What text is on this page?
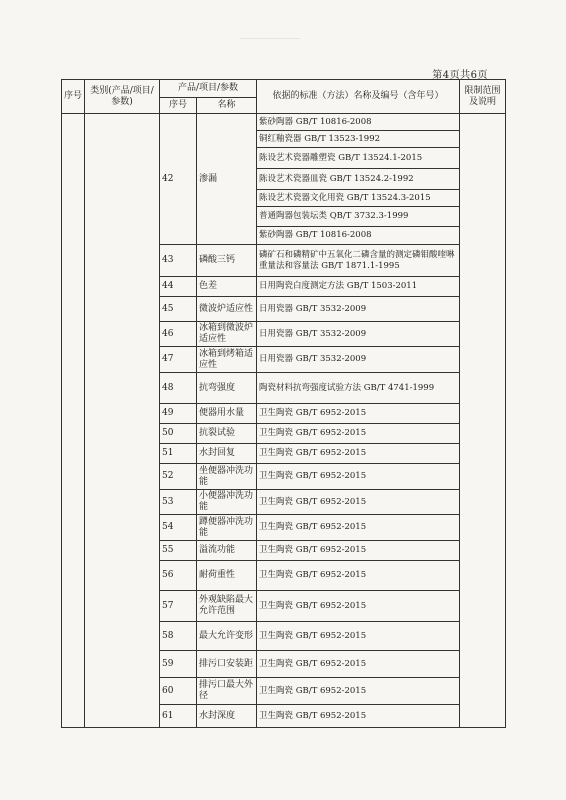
第4页共6页
序号	类别(产品/项目/参数)	产品/项目/参数		依据的标准（方法）名称及编号（含年号）	限制范围及说明
		序号	名称		
		42	渗漏	紫砂陶器 GB/T 10816-2008	
				铜红釉瓷器 GB/T 13523-1992	
				陈设艺术瓷器雕塑瓷 GB/T 13524.1-2015	
				陈设艺术瓷器皿瓷 GB/T 13524.2-1992	
				陈设艺术瓷器文化用瓷 GB/T 13524.3-2015	
				普通陶器包装坛类 QB/T 3732.3-1999	
				紫砂陶器 GB/T 10816-2008	
		43	磷酸三钙	磷矿石和磷精矿中五氧化二磷含量的测定磷钼酸喹啉重量法和容量法 GB/T 1871.1-1995	
		44	色差	日用陶瓷白度测定方法 GB/T 1503-2011	
		45	微波炉适应性	日用瓷器 GB/T 3532-2009	
		46	冰箱到微波炉适应性	日用瓷器 GB/T 3532-2009	
		47	冰箱到烤箱适应性	日用瓷器 GB/T 3532-2009	
		48	抗弯强度	陶瓷材料抗弯强度试验方法 GB/T 4741-1999	
		49	便器用水量	卫生陶瓷 GB/T 6952-2015	
		50	抗裂试验	卫生陶瓷 GB/T 6952-2015	
		51	水封回复	卫生陶瓷 GB/T 6952-2015	
		52	坐便器冲洗功能	卫生陶瓷 GB/T 6952-2015	
		53	小便器冲洗功能	卫生陶瓷 GB/T 6952-2015	
		54	蹲便器冲洗功能	卫生陶瓷 GB/T 6952-2015	
		55	溢流功能	卫生陶瓷 GB/T 6952-2015	
		56	耐荷重性	卫生陶瓷 GB/T 6952-2015	
		57	外观缺陷最大允许范围	卫生陶瓷 GB/T 6952-2015	
		58	最大允许变形	卫生陶瓷 GB/T 6952-2015	
		59	排污口安装距	卫生陶瓷 GB/T 6952-2015	
		60	排污口最大外径	卫生陶瓷 GB/T 6952-2015	
		61	水封深度	卫生陶瓷 GB/T 6952-2015	
